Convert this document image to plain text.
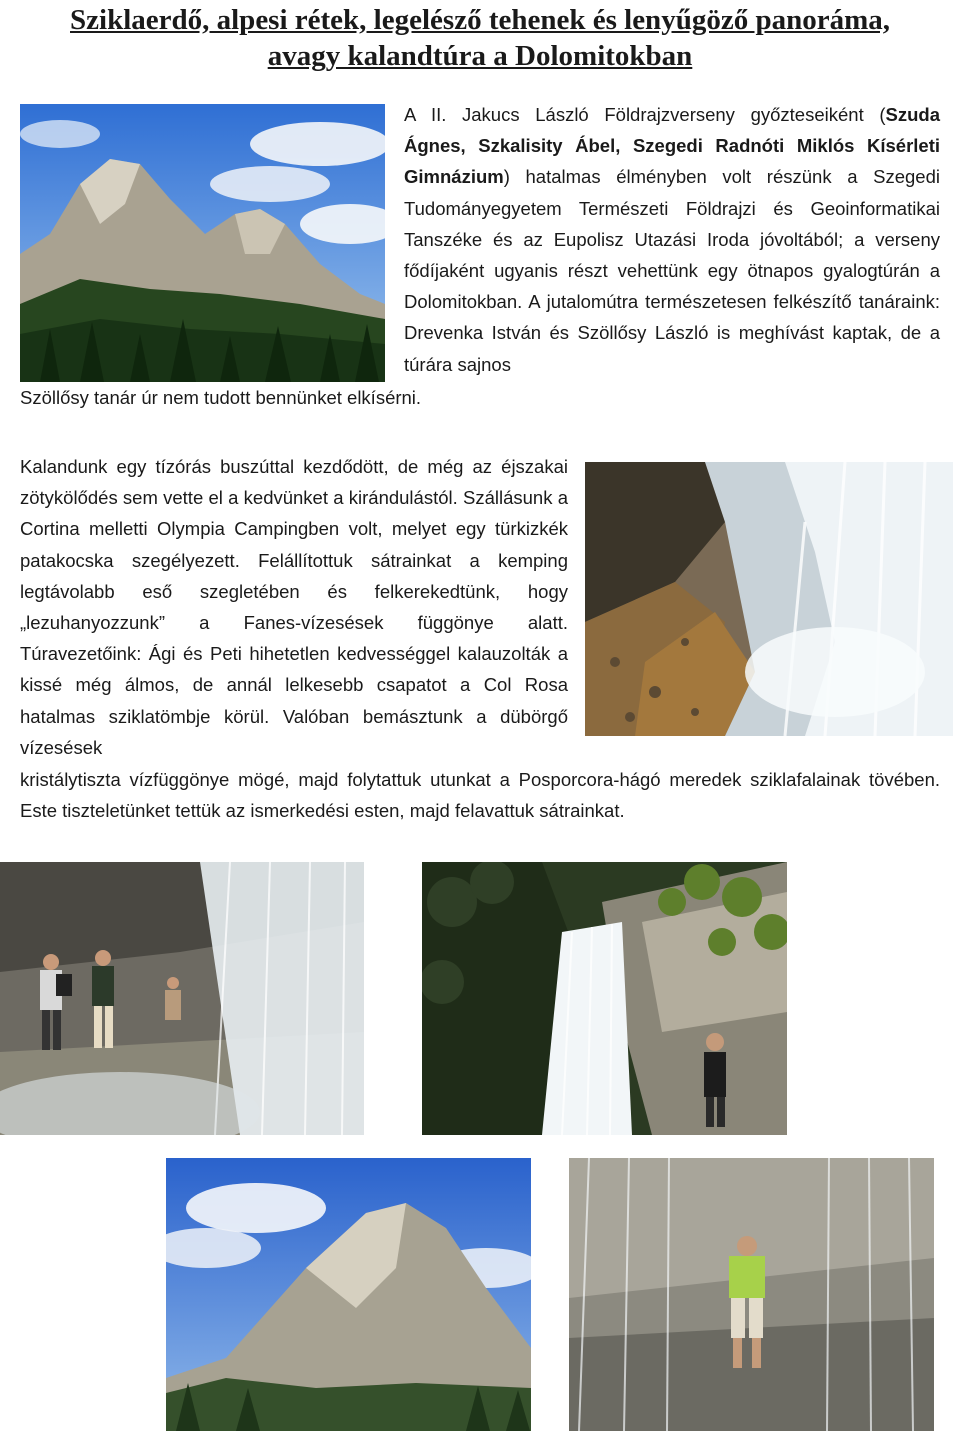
Sziklaerdő, alpesi rétek, legelésző tehenek és lenyűgöző panoráma,
avagy kalandtúra a Dolomitokban

A II. Jakucs László Földrajzverseny győzteseiként (Szuda Ágnes, Szkalisity Ábel, Szegedi Radnóti Miklós Kísérleti Gimnázium) hatalmas élményben volt részünk a Szegedi Tudományegyetem Természeti Földrajzi és Geoinformatikai Tanszéke és az Eupolisz Utazási Iroda jóvoltából; a verseny fődíjaként ugyanis részt vehettünk egy ötnapos gyalogtúrán a Dolomitokban. A jutalomútra természetesen felkészítő tanáraink: Drevenka István és Szöllősy László is meghívást kaptak, de a túrára sajnos

Szöllősy tanár úr nem tudott bennünket elkísérni.

Kalandunk egy tízórás buszúttal kezdődött, de még az éjszakai zötykölődés sem vette el a kedvünket a kirándulástól. Szállásunk a Cortina melletti Olympia Campingben volt, melyet egy türkizkék patakocska szegélyezett. Felállítottuk sátrainkat a kemping legtávolabb eső szegletében és felkerekedtünk, hogy „lezuhanyozzunk” a Fanes-vízesések függönye alatt. Túravezetőink: Ági és Peti hihetetlen kedvességgel kalauzolták a kissé még álmos, de annál lelkesebb csapatot a Col Rosa hatalmas sziklatömbje körül. Valóban bemásztunk a dübörgő vízesések

kristálytiszta vízfüggönye mögé, majd folytattuk utunkat a Posporcora-hágó meredek sziklafalainak tövében. Este tiszteletünket tettük az ismerkedési esten, majd felavattuk sátrainkat.
